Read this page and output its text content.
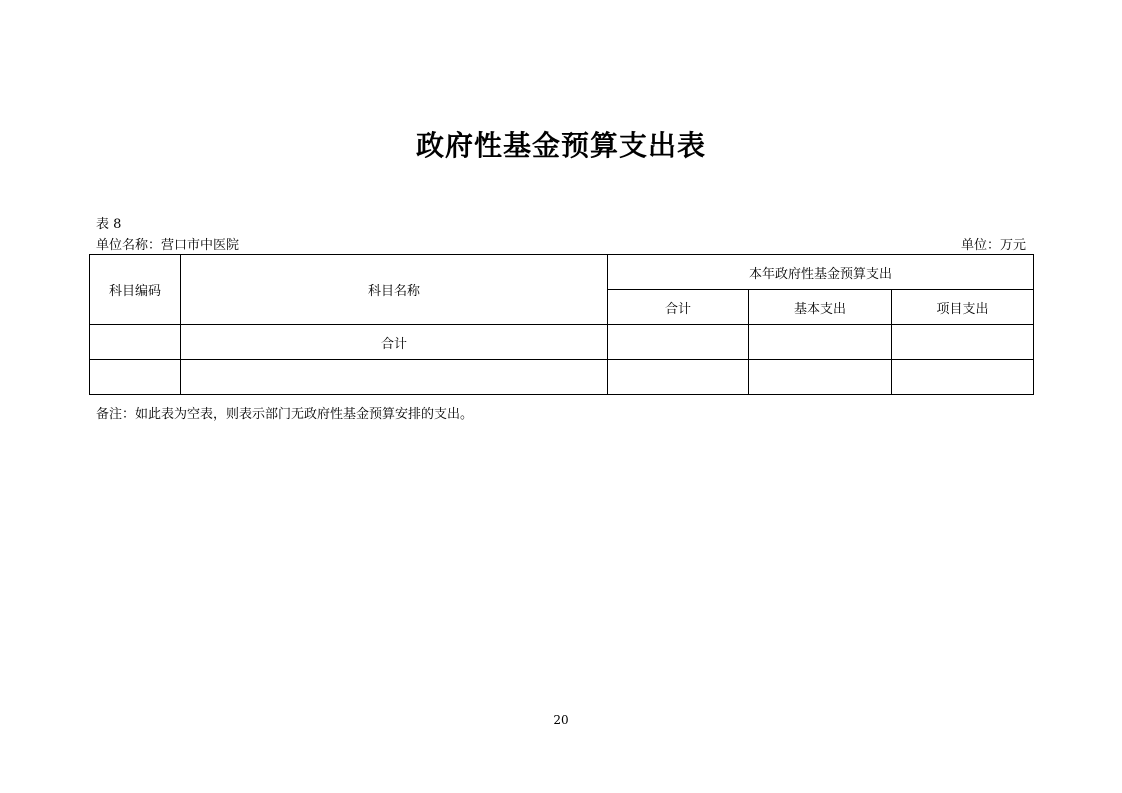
政府性基金预算支出表
表 8
单位名称：营口市中医院	单位：万元
科目编码	科目名称	本年政府性基金预算支出		
		合计	基本支出	项目支出
	合计			

备注：如此表为空表，则表示部门无政府性基金预算安排的支出。
20
